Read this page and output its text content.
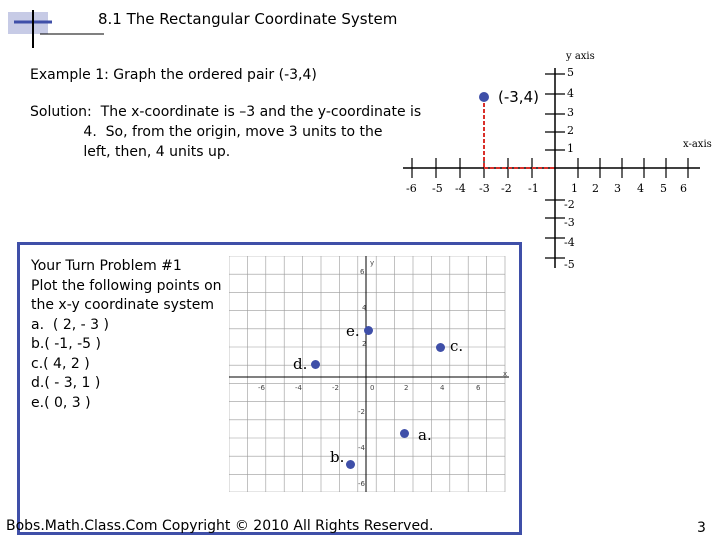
8.1 The Rectangular Coordinate System
Example 1: Graph the ordered pair (-3,4)
Solution:  The x-coordinate is –3 and the y-coordinate is
4.  So, from the origin, move 3 units to the
left, then, 4 units up.
y axis
x-axis
5
4
3
2
1
-2
-3
-4
-5
-6 -5 -4 -3 -2 -1	1 2 3 4 5 6
(-3,4)
Your Turn Problem #1
Plot the following points on
the x-y coordinate system
a.  ( 2, - 3 )
b.( -1, -5 )
c.( 4, 2 )
d.( - 3, 1 )
e.( 0, 3 )
-6	-4	-2	0	2	4	6
6
4
2
-2
-4
-6
x
y
e.
c.
d.
a.
b.
Bobs.Math.Class.Com Copyright © 2010 All Rights Reserved.	3
